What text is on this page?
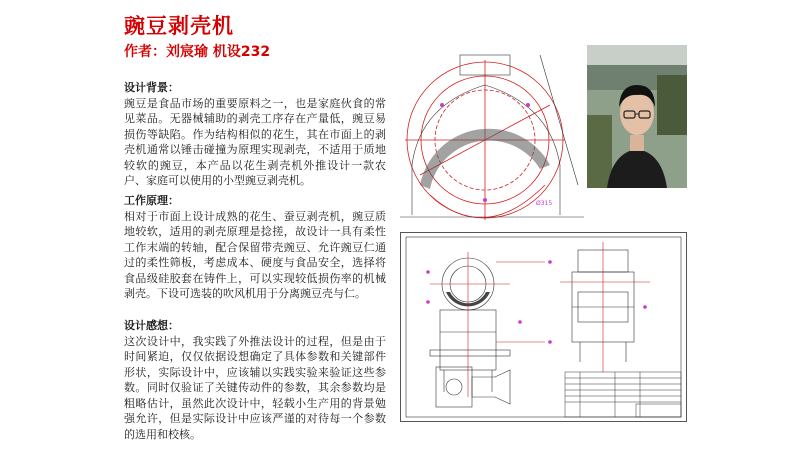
豌豆剥壳机
作者：刘宸瑜 机设232

设计背景：

豌豆是食品市场的重要原料之一，也是家庭伙食的常见菜品。无器械辅助的剥壳工序存在产量低，豌豆易损伤等缺陷。作为结构相似的花生，其在市面上的剥壳机通常以锤击碰撞为原理实现剥壳，不适用于质地较软的豌豆，本产品以花生剥壳机外推设计一款农户、家庭可以使用的小型豌豆剥壳机。

工作原理：

相对于市面上设计成熟的花生、蚕豆剥壳机，豌豆质地较软，适用的剥壳原理是捻搓，故设计一具有柔性工作末端的转轴，配合保留带壳豌豆、允许豌豆仁通过的柔性筛板，考虑成本、硬度与食品安全，选择将食品级硅胶套在铸件上，可以实现较低损伤率的机械剥壳。下设可选装的吹风机用于分离豌豆壳与仁。

设计感想：

这次设计中，我实践了外推法设计的过程，但是由于时间紧迫，仅仅依据设想确定了具体参数和关键部件形状，实际设计中，应该辅以实践实验来验证这些参数。同时仅验证了关键传动件的参数，其余参数均是粗略估计，虽然此次设计中，轻载小生产用的背景勉强允许，但是实际设计中应该严谨的对待每一个参数的选用和校核。

Ø315
